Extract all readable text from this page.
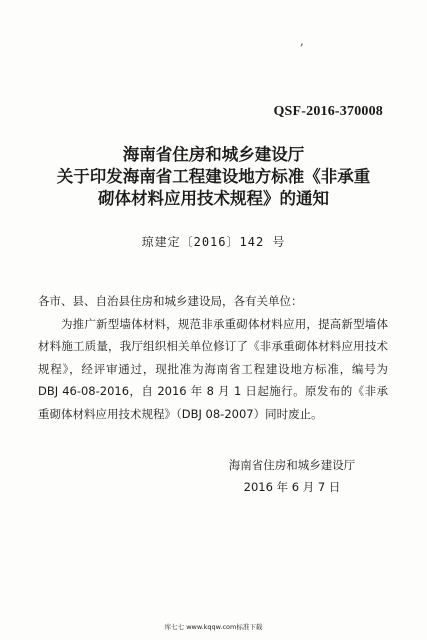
,
QSF-2016-370008
海南省住房和城乡建设厅
关于印发海南省工程建设地方标准《非承重
砌体材料应用技术规程》的通知
琼建定〔2016〕142 号

各市、县、自治县住房和城乡建设局，各有关单位：

为推广新型墙体材料，规范非承重砌体材料应用，提高新型墙体材料施工质量，我厅组织相关单位修订了《非承重砌体材料应用技术规程》，经评审通过，现批准为海南省工程建设地方标准，编号为 DBJ 46-08-2016，自 2016 年 8 月 1 日起施行。原发布的《非承重砌体材料应用技术规程》（DBJ 08-2007）同时废止。

海南省住房和城乡建设厅
2016 年 6 月 7 日
库七七 www.kqqw.com标准下载
